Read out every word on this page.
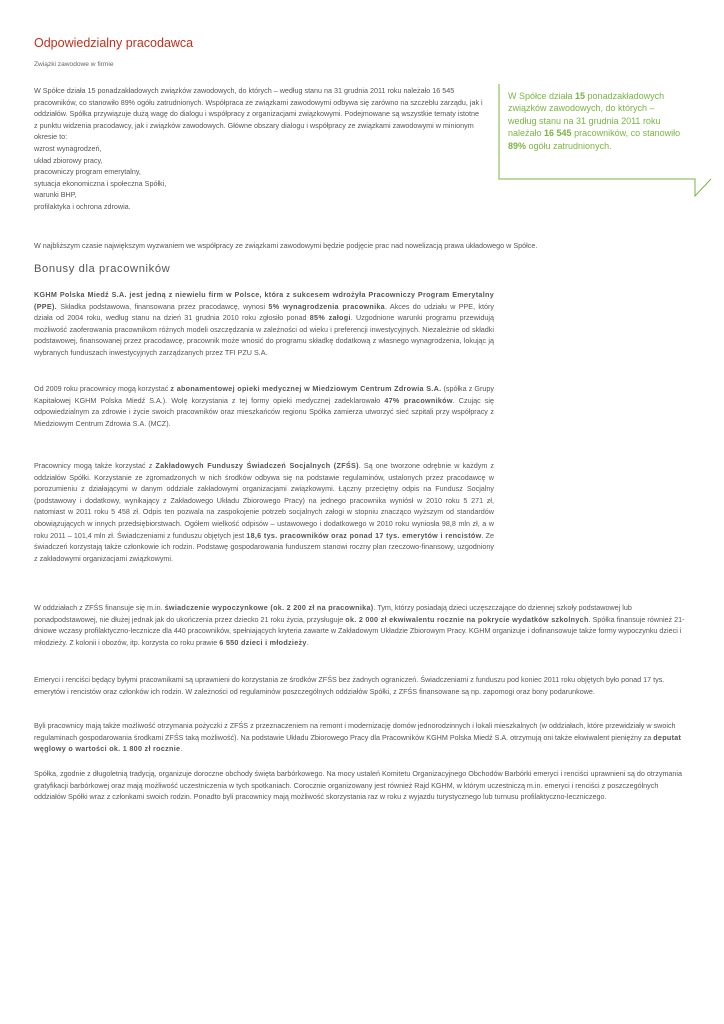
Odpowiedzialny pracodawca

Związki zawodowe w firmie

W Spółce działa 15 ponadzakładowych związków zawodowych, do których – według stanu na 31 grudnia 2011 roku należało 16 545 pracowników, co stanowiło 89% ogółu zatrudnionych. Współpraca ze związkami zawodowymi odbywa się zarówno na szczeblu zarządu, jak i oddziałów. Spółka przywiązuje dużą wagę do dialogu i współpracy z organizacjami związkowymi. Podejmowane są wszystkie tematy istotne z punktu widzenia pracodawcy, jak i związków zawodowych. Główne obszary dialogu i współpracy ze związkami zawodowymi w minionym okresie to:

wzrost wynagrodzeń,
układ zbiorowy pracy,
pracowniczy program emerytalny,
sytuacja ekonomiczna i społeczna Spółki,
warunki BHP,
profilaktyka i ochrona zdrowia.

W Spółce działa 15 ponadzakładowych związków zawodowych, do których – według stanu na 31 grudnia 2011 roku należało 16 545 pracowników, co stanowiło 89% ogółu zatrudnionych.

W najbliższym czasie największym wyzwaniem we współpracy ze związkami zawodowymi będzie podjęcie prac nad nowelizacją prawa układowego w Spółce.

Bonusy dla pracowników

KGHM Polska Miedź S.A. jest jedną z niewielu firm w Polsce, która z sukcesem wdrożyła Pracowniczy Program Emerytalny (PPE). Składka podstawowa, finansowana przez pracodawcę, wynosi 5% wynagrodzenia pracownika. Akces do udziału w PPE, który działa od 2004 roku, według stanu na dzień 31 grudnia 2010 roku zgłosiło ponad 85% załogi. Uzgodnione warunki programu przewidują możliwość zaoferowania pracownikom różnych modeli oszczędzania w zależności od wieku i preferencji inwestycyjnych. Niezależnie od składki podstawowej, finansowanej przez pracodawcę, pracownik może wnosić do programu składkę dodatkową z własnego wynagrodzenia, lokując ją wybranych funduszach inwestycyjnych zarządzanych przez TFI PZU S.A.

Od 2009 roku pracownicy mogą korzystać z abonamentowej opieki medycznej w Miedziowym Centrum Zdrowia S.A. (spółka z Grupy Kapitałowej KGHM Polska Miedź S.A.). Wolę korzystania z tej formy opieki medycznej zadeklarowało 47% pracowników. Czując się odpowiedzialnym za zdrowie i życie swoich pracowników oraz mieszkańców regionu Spółka zamierza utworzyć sieć szpitali przy współpracy z Miedziowym Centrum Zdrowia S.A. (MCZ).

Pracownicy mogą także korzystać z Zakładowych Funduszy Świadczeń Socjalnych (ZFŚS). Są one tworzone odrębnie w każdym z oddziałów Spółki. Korzystanie ze zgromadzonych w nich środków odbywa się na podstawie regulaminów, ustalonych przez pracodawcę w porozumieniu z działającymi w danym oddziale zakładowymi organizacjami związkowymi. Łączny przeciętny odpis na Fundusz Socjalny (podstawowy i dodatkowy, wynikający z Zakładowego Układu Zbiorowego Pracy) na jednego pracownika wyniósł w 2010 roku 5 271 zł, natomiast w 2011 roku 5 458 zł. Odpis ten pozwala na zaspokojenie potrzeb socjalnych załogi w stopniu znacząco wyższym od standardów obowiązujących w innych przedsiębiorstwach. Ogółem wielkość odpisów – ustawowego i dodatkowego w 2010 roku wyniosła 98,8 mln zł, a w roku 2011 – 101,4 mln zł. Świadczeniami z funduszu objętych jest 18,6 tys. pracowników oraz ponad 17 tys. emerytów i rencistów. Ze świadczeń korzystają także członkowie ich rodzin. Podstawę gospodarowania funduszem stanowi roczny plan rzeczowo-finansowy, uzgodniony z zakładowymi organizacjami związkowymi.

W oddziałach z ZFŚS finansuje się m.in. świadczenie wypoczynkowe (ok. 2 200 zł na pracownika). Tym, którzy posiadają dzieci uczęszczające do dziennej szkoły podstawowej lub ponadpodstawowej, nie dłużej jednak jak do ukończenia przez dziecko 21 roku życia, przysługuje ok. 2 000 zł ekwiwalentu rocznie na pokrycie wydatków szkolnych. Spółka finansuje również 21-dniowe wczasy profilaktyczno-lecznicze dla 440 pracowników, spełniających kryteria zawarte w Zakładowym Układzie Zbiorowym Pracy. KGHM organizuje i dofinansowuje także formy wypoczynku dzieci i młodzieży. Z kolonii i obozów, itp. korzysta co roku prawie 6 550 dzieci i młodzieży.

Emeryci i renciści będący byłymi pracownikami są uprawnieni do korzystania ze środków ZFŚS bez żadnych ograniczeń. Świadczeniami z funduszu pod koniec 2011 roku objętych było ponad 17 tys. emerytów i rencistów oraz członków ich rodzin. W zależności od regulaminów poszczególnych oddziałów Spółki, z ZFŚS finansowane są np. zapomogi oraz bony podarunkowe.

Byli pracownicy mają także możliwość otrzymania pożyczki z ZFŚS z przeznaczeniem na remont i modernizację domów jednorodzinnych i lokali mieszkalnych (w oddziałach, które przewidziały w swoich regulaminach gospodarowania środkami ZFŚS taką możliwość). Na podstawie Układu Zbiorowego Pracy dla Pracowników KGHM Polska Miedź S.A. otrzymują oni także ekwiwalent pieniężny za deputat węglowy o wartości ok. 1 800 zł rocznie.

Spółka, zgodnie z długoletnią tradycją, organizuje doroczne obchody święta barbórkowego. Na mocy ustaleń Komitetu Organizacyjnego Obchodów Barbórki emeryci i renciści uprawnieni są do otrzymania gratyfikacji barbórkowej oraz mają możliwość uczestniczenia w tych spotkaniach. Corocznie organizowany jest również Rajd KGHM, w którym uczestniczą m.in. emeryci i renciści z poszczególnych oddziałów Spółki wraz z członkami swoich rodzin. Ponadto byli pracownicy mają możliwość skorzystania raz w roku z wyjazdu turystycznego lub turnusu profilaktyczno-leczniczego.
